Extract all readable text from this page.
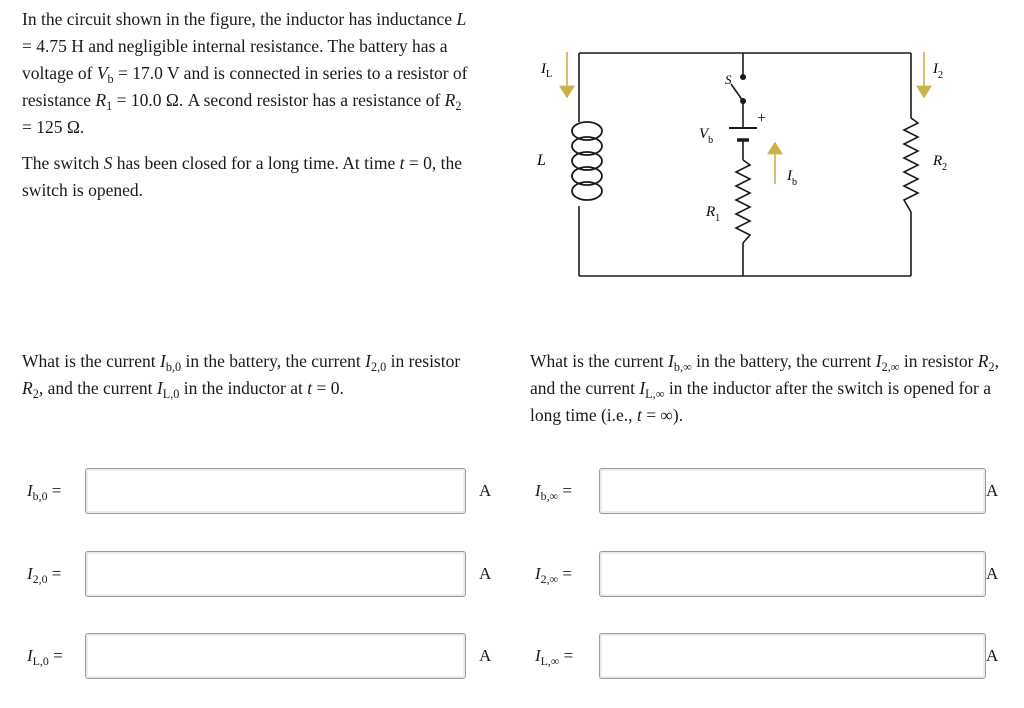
In the circuit shown in the figure, the inductor has inductance L = 4.75 H and negligible internal resistance. The battery has a voltage of $V_b = 17.0$ V and is connected in series to a resistor of resistance $R_1 = 10.0$ Ω. A second resistor has a resistance of $R_2 = 125$ Ω.

The switch S has been closed for a long time. At time t = 0, the switch is opened.

$I_L$
L
S
+
$V_b$
$I_b$
$R_1$
$I_2$
$R_2$
What is the current $I_{b,0}$ in the battery, the current $I_{2,0}$ in resistor $R_2$, and the current $I_{L,0}$ in the inductor at t = 0.
What is the current $I_{b,\infty}$ in the battery, the current $I_{2,\infty}$ in resistor $R_2$, and the current $I_{L,\infty}$ in the inductor after the switch is opened for a long time (i.e., t = ∞).
$I_{b,0}$ =	A
$I_{2,0}$ =	A
$I_{L,0}$ =	A
$I_{b,\infty}$ =	A
$I_{2,\infty}$ =	A
$I_{L,\infty}$ =	A
